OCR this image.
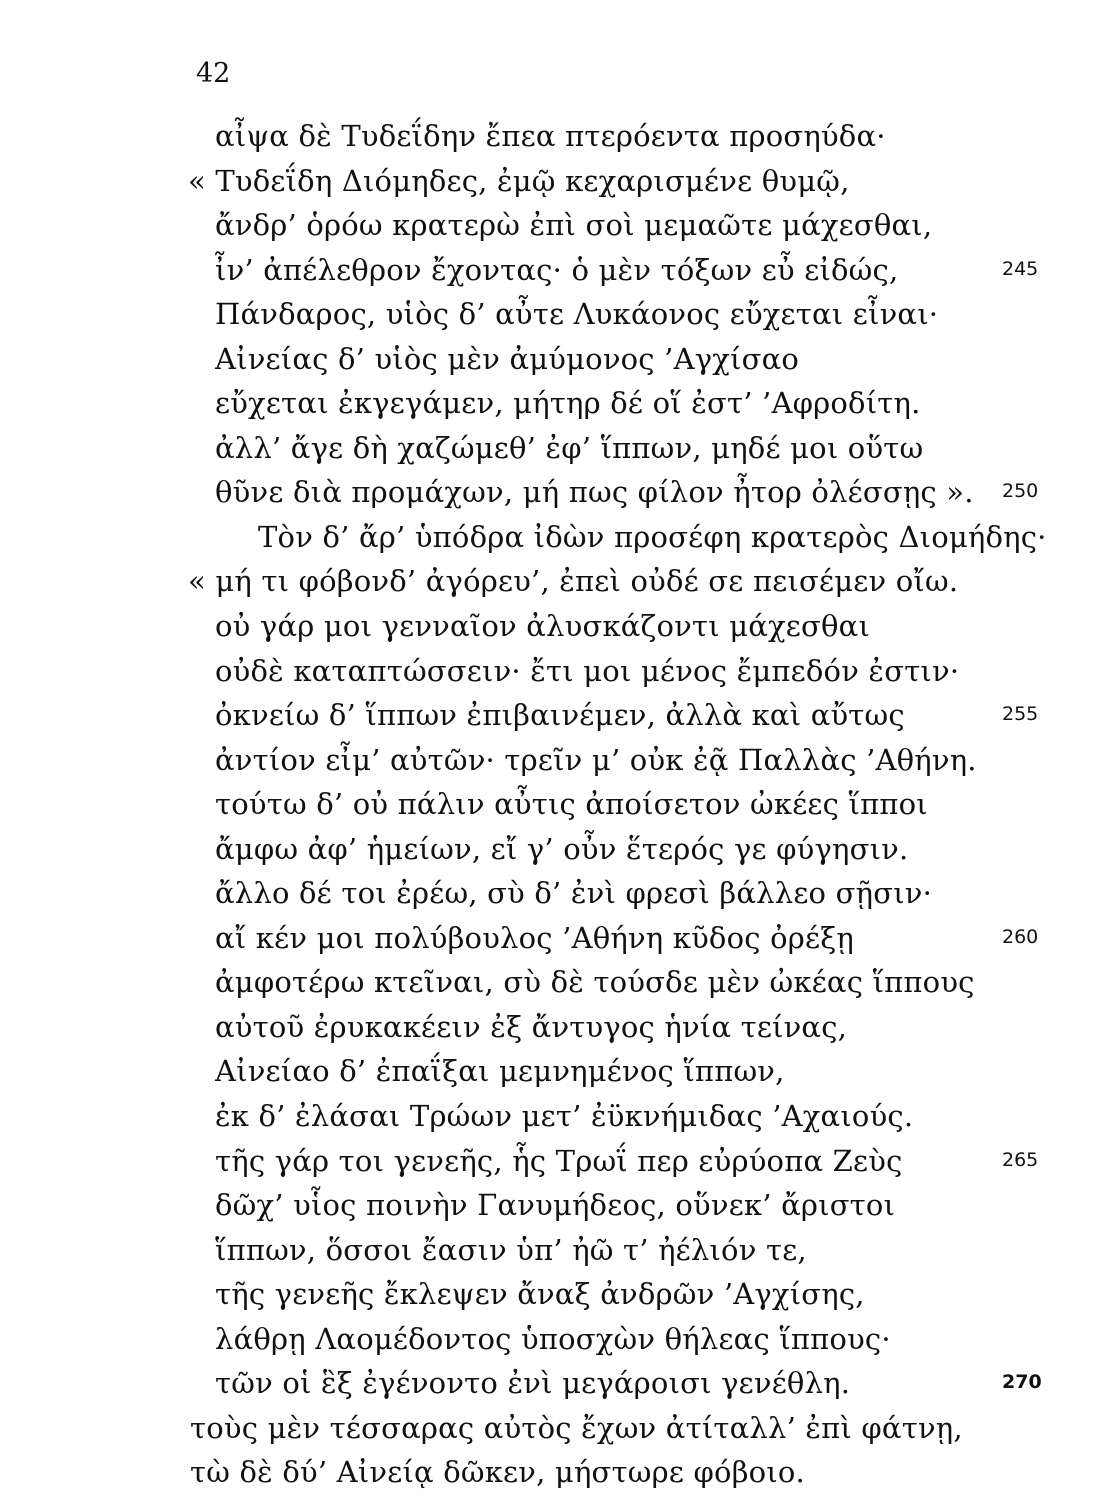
42
αἶψα δὲ Τυδεΐδην ἔπεα πτερόεντα προσηύδα·
« Τυδεΐδη Διόμηδες, ἐμῷ κεχαρισμένε θυμῷ,
ἄνδρ’ ὁρόω κρατερὼ ἐπὶ σοὶ μεμαῶτε μάχεσθαι,
ἶν’ ἀπέλεθρον ἔχοντας· ὁ μὲν τόξων εὖ εἰδώς,	245
Πάνδαρος, υἱὸς δ’ αὖτε Λυκάονος εὔχεται εἶναι·
Αἰνείας δ’ υἱὸς μὲν ἀμύμονος ’Αγχίσαο
εὔχεται ἐκγεγάμεν, μήτηρ δέ οἵ ἐστ’ ’Αφροδίτη.
ἀλλ’ ἄγε δὴ χαζώμεθ’ ἐφ’ ἵππων, μηδέ μοι οὕτω
θῦνε διὰ προμάχων, μή πως φίλον ἦτορ ὀλέσσῃς ». 250
Τὸν δ’ ἄρ’ ὑπόδρα ἰδὼν προσέφη κρατερὸς Διομήδης·
« μή τι φόβονδ’ ἀγόρευ’, ἐπεὶ οὐδέ σε πεισέμεν οἴω.
οὐ γάρ μοι γενναῖον ἀλυσκάζοντι μάχεσθαι
οὐδὲ καταπτώσσειν· ἔτι μοι μένος ἔμπεδόν ἐστιν·
ὀκνείω δ’ ἵππων ἐπιβαινέμεν, ἀλλὰ καὶ αὔτως	255
ἀντίον εἶμ’ αὐτῶν· τρεῖν μ’ οὐκ ἐᾷ Παλλὰς ’Αθήνη.
τούτω δ’ οὐ πάλιν αὖτις ἀποίσετον ὠκέες ἵπποι
ἄμφω ἀφ’ ἡμείων, εἴ γ’ οὖν ἕτερός γε φύγησιν.
ἄλλο δέ τοι ἐρέω, σὺ δ’ ἐνὶ φρεσὶ βάλλεο σῇσιν·
αἴ κέν μοι πολύβουλος ’Αθήνη κῦδος ὀρέξῃ	260
ἀμφοτέρω κτεῖναι, σὺ δὲ τούσδε μὲν ὠκέας ἵππους
αὐτοῦ ἐρυκακέειν ἐξ ἄντυγος ἡνία τείνας,
Αἰνείαο δ’ ἐπαΐξαι μεμνημένος ἵππων,
ἐκ δ’ ἐλάσαι Τρώων μετ’ ἐϋκνήμιδας ’Αχαιούς.
τῆς γάρ τοι γενεῆς, ἧς Τρωΐ περ εὐρύοπα Ζεὺς	265
δῶχ’ υἷος ποινὴν Γανυμήδεος, οὕνεκ’ ἄριστοι
ἵππων, ὅσσοι ἔασιν ὑπ’ ἠῶ τ’ ἠέλιόν τε,
τῆς γενεῆς ἔκλεψεν ἄναξ ἀνδρῶν ’Αγχίσης,
λάθρῃ Λαομέδοντος ὑποσχὼν θήλεας ἵππους·
τῶν οἱ ἓξ ἐγένοντο ἐνὶ μεγάροισι γενέθλη.	270
τοὺς μὲν τέσσαρας αὐτὸς ἔχων ἀτίταλλ’ ἐπὶ φάτνῃ,
τὼ δὲ δύ’ Αἰνείᾳ δῶκεν, μήστωρε φόβοιο.
